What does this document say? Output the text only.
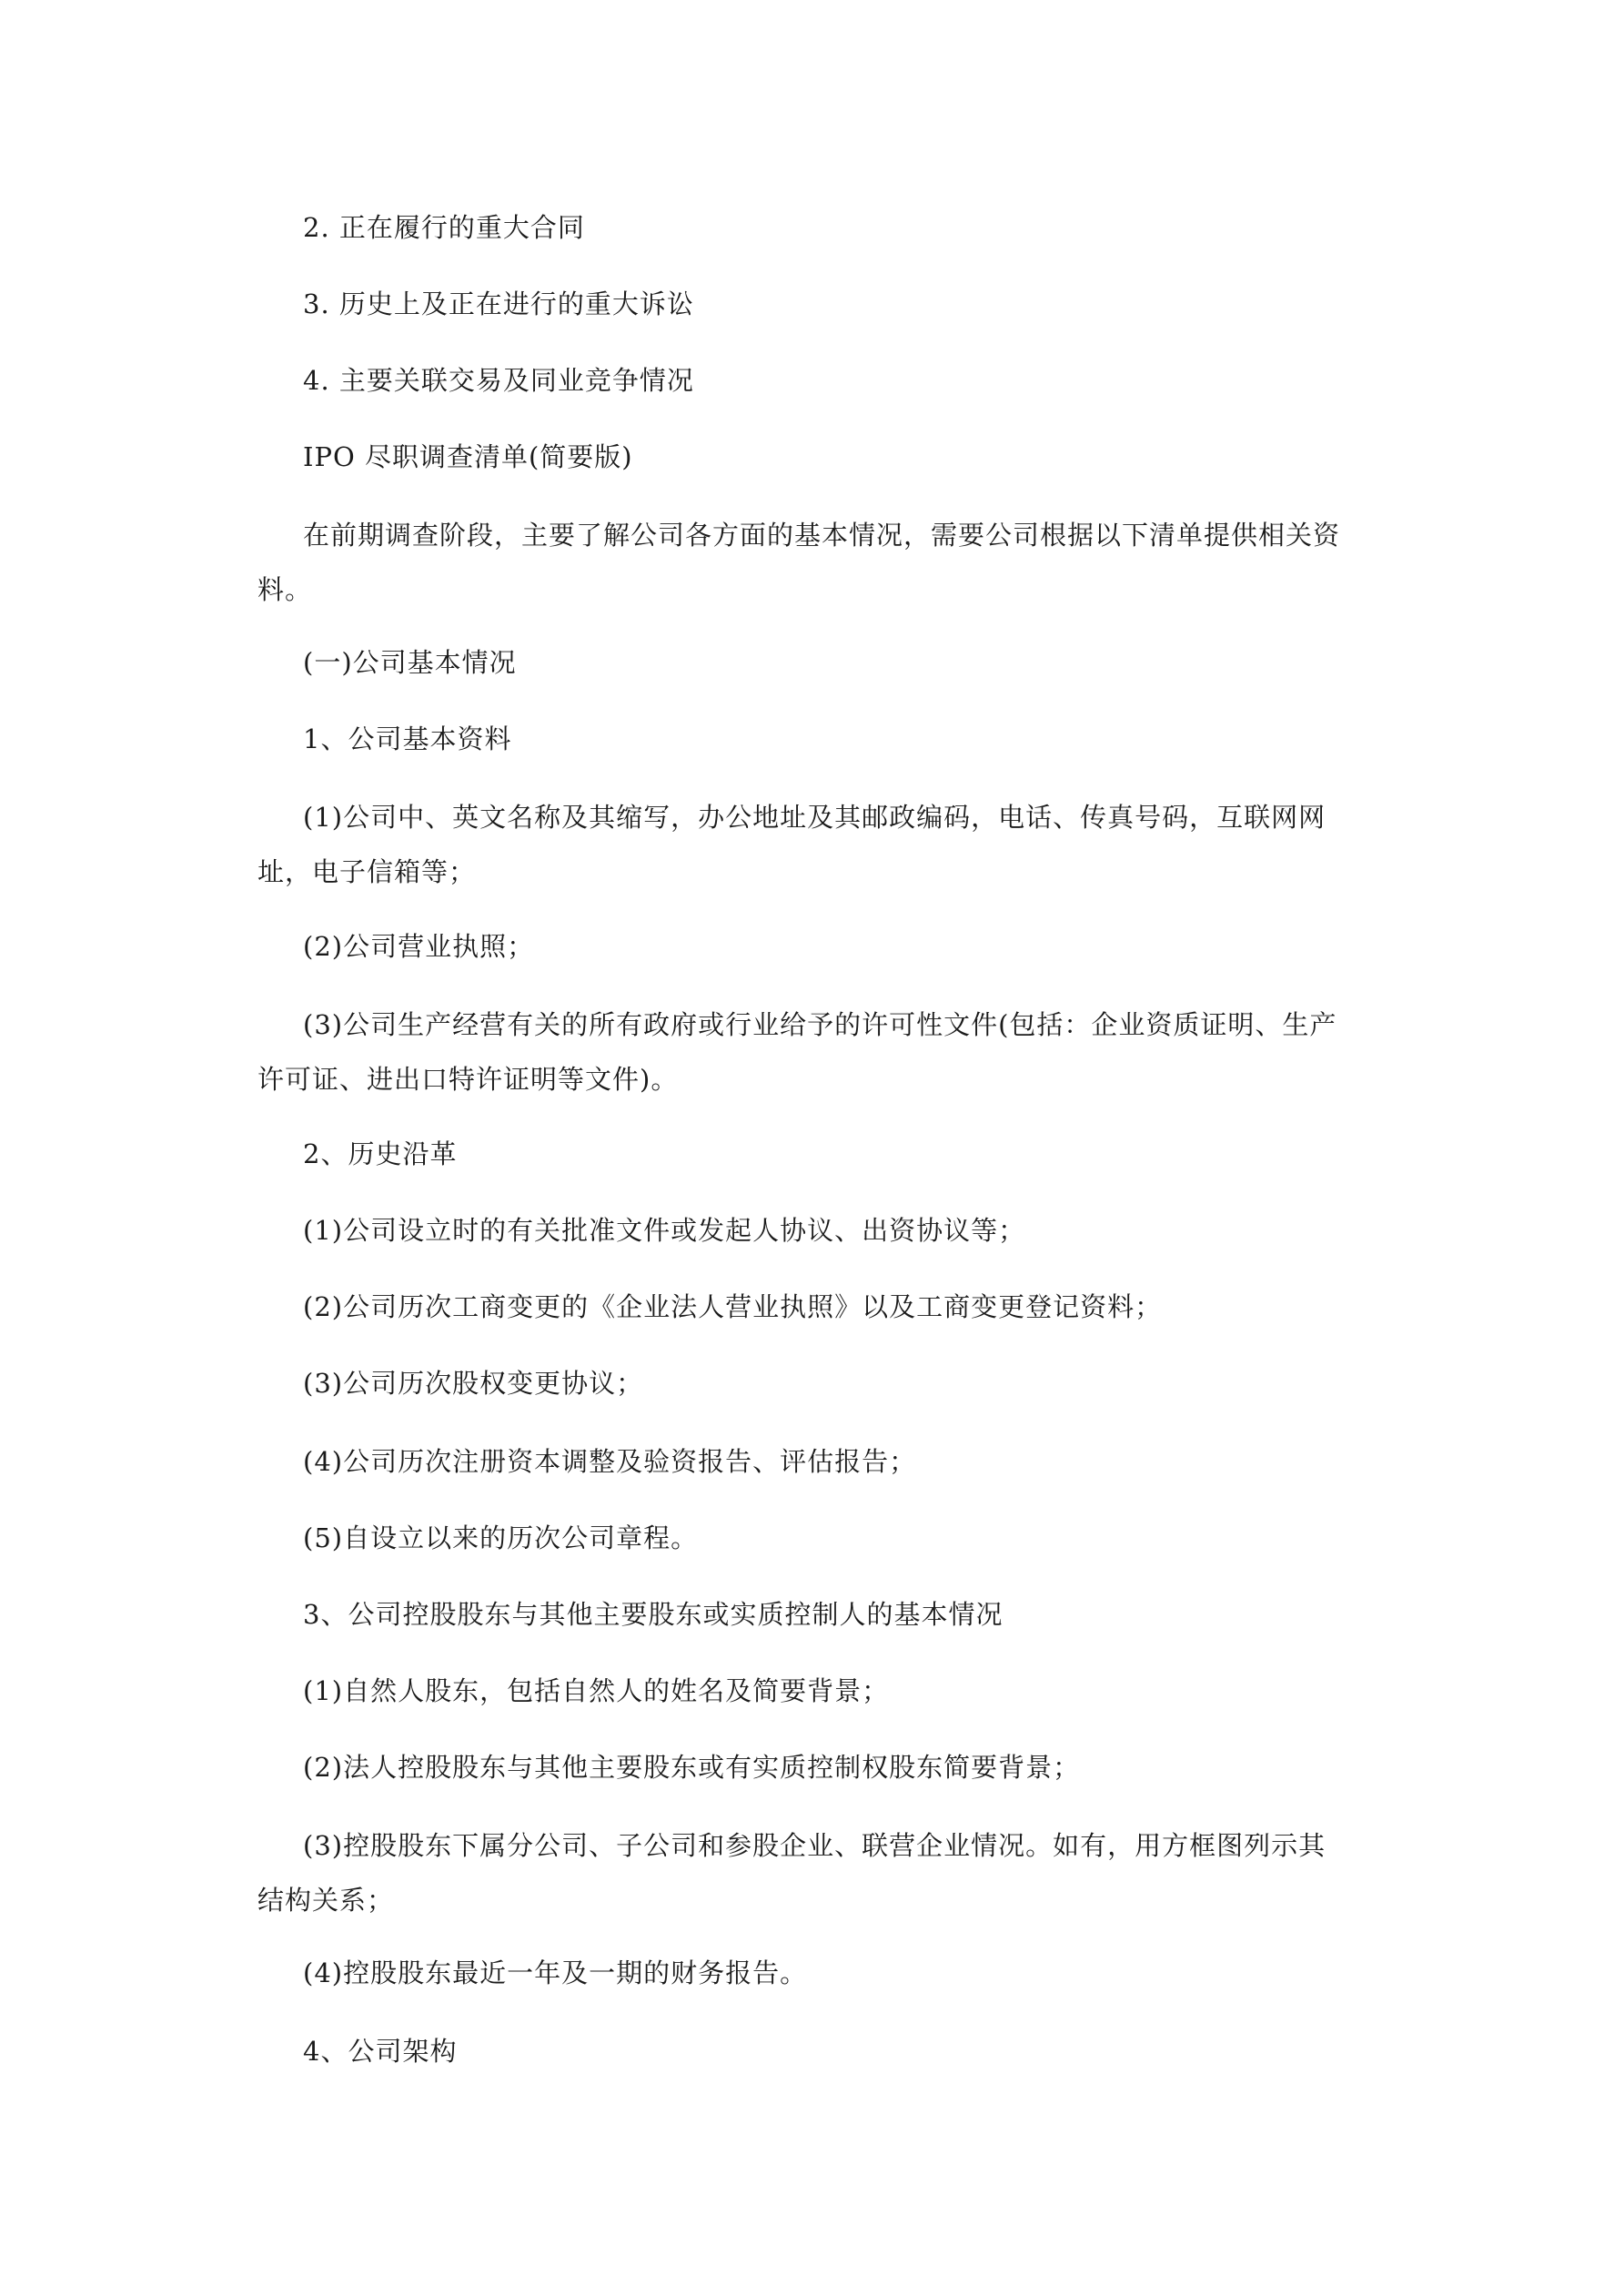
2. 正在履行的重大合同
3. 历史上及正在进行的重大诉讼
4. 主要关联交易及同业竞争情况
IPO 尽职调查清单(简要版)
在前期调查阶段，主要了解公司各方面的基本情况，需要公司根据以下清单提供相关资
料。
(一)公司基本情况
1、公司基本资料
(1)公司中、英文名称及其缩写，办公地址及其邮政编码，电话、传真号码，互联网网
址，电子信箱等；
(2)公司营业执照；
(3)公司生产经营有关的所有政府或行业给予的许可性文件(包括：企业资质证明、生产
许可证、进出口特许证明等文件)。
2、历史沿革
(1)公司设立时的有关批准文件或发起人协议、出资协议等；
(2)公司历次工商变更的《企业法人营业执照》以及工商变更登记资料；
(3)公司历次股权变更协议；
(4)公司历次注册资本调整及验资报告、评估报告；
(5)自设立以来的历次公司章程。
3、公司控股股东与其他主要股东或实质控制人的基本情况
(1)自然人股东，包括自然人的姓名及简要背景；
(2)法人控股股东与其他主要股东或有实质控制权股东简要背景；
(3)控股股东下属分公司、子公司和参股企业、联营企业情况。如有，用方框图列示其
结构关系；
(4)控股股东最近一年及一期的财务报告。
4、公司架构
